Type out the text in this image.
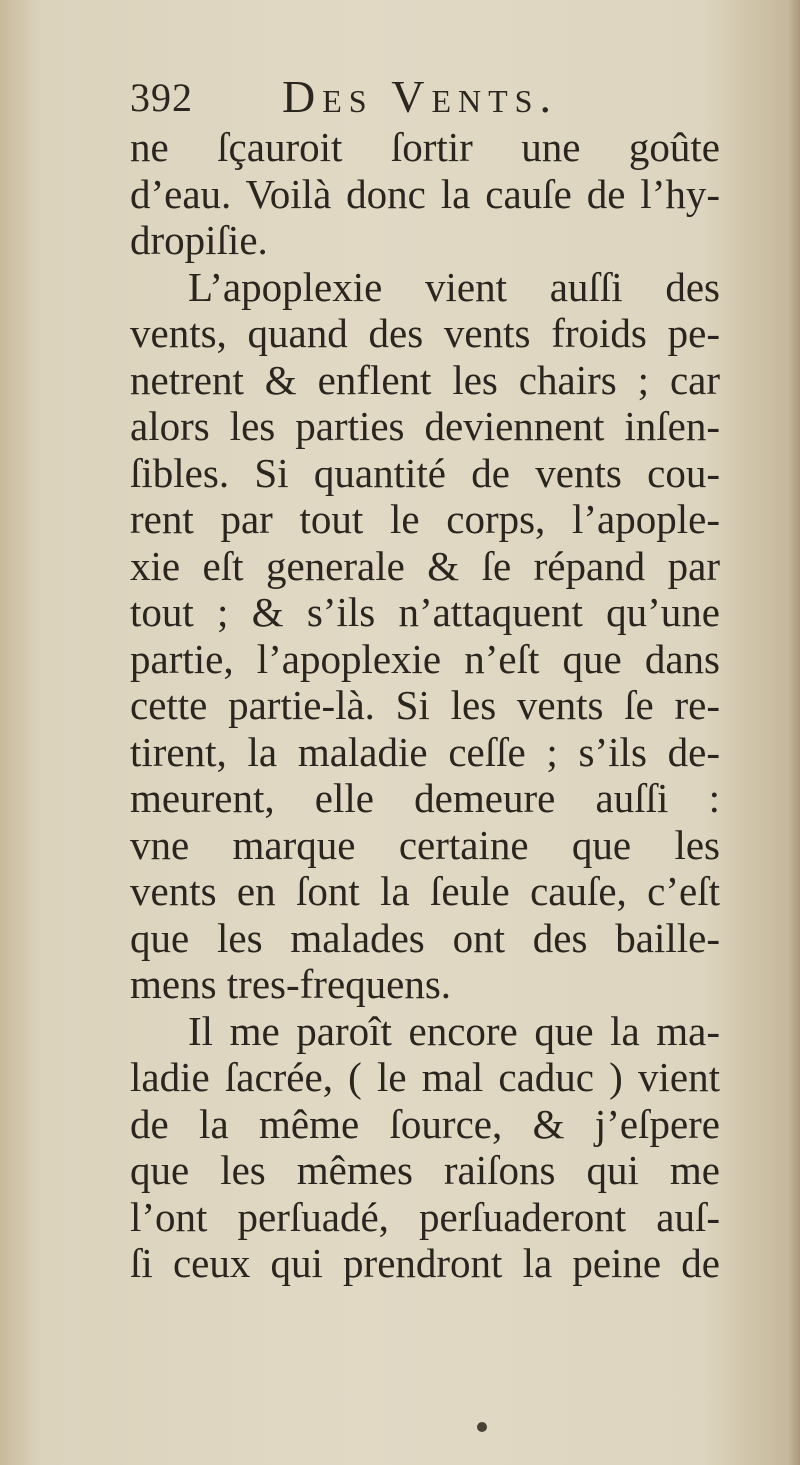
392 Des Vents.
ne ſçauroit ſortir une goûte
d’eau. Voilà donc la cauſe de l’hy-
dropiſie.
L’apoplexie vient auſſi des
vents, quand des vents froids pe-
netrent & enflent les chairs ; car
alors les parties deviennent inſen-
ſibles. Si quantité de vents cou-
rent par tout le corps, l’apople-
xie eſt generale & ſe répand par
tout ; & s’ils n’attaquent qu’une
partie, l’apoplexie n’eſt que dans
cette partie-là. Si les vents ſe re-
tirent, la maladie ceſſe ; s’ils de-
meurent, elle demeure auſſi :
vne marque certaine que les
vents en ſont la ſeule cauſe, c’eſt
que les malades ont des baille-
mens tres-frequens.
Il me paroît encore que la ma-
ladie ſacrée, ( le mal caduc ) vient
de la même ſource, & j’eſpere
que les mêmes raiſons qui me
l’ont perſuadé, perſuaderont auſ-
ſi ceux qui prendront la peine de
